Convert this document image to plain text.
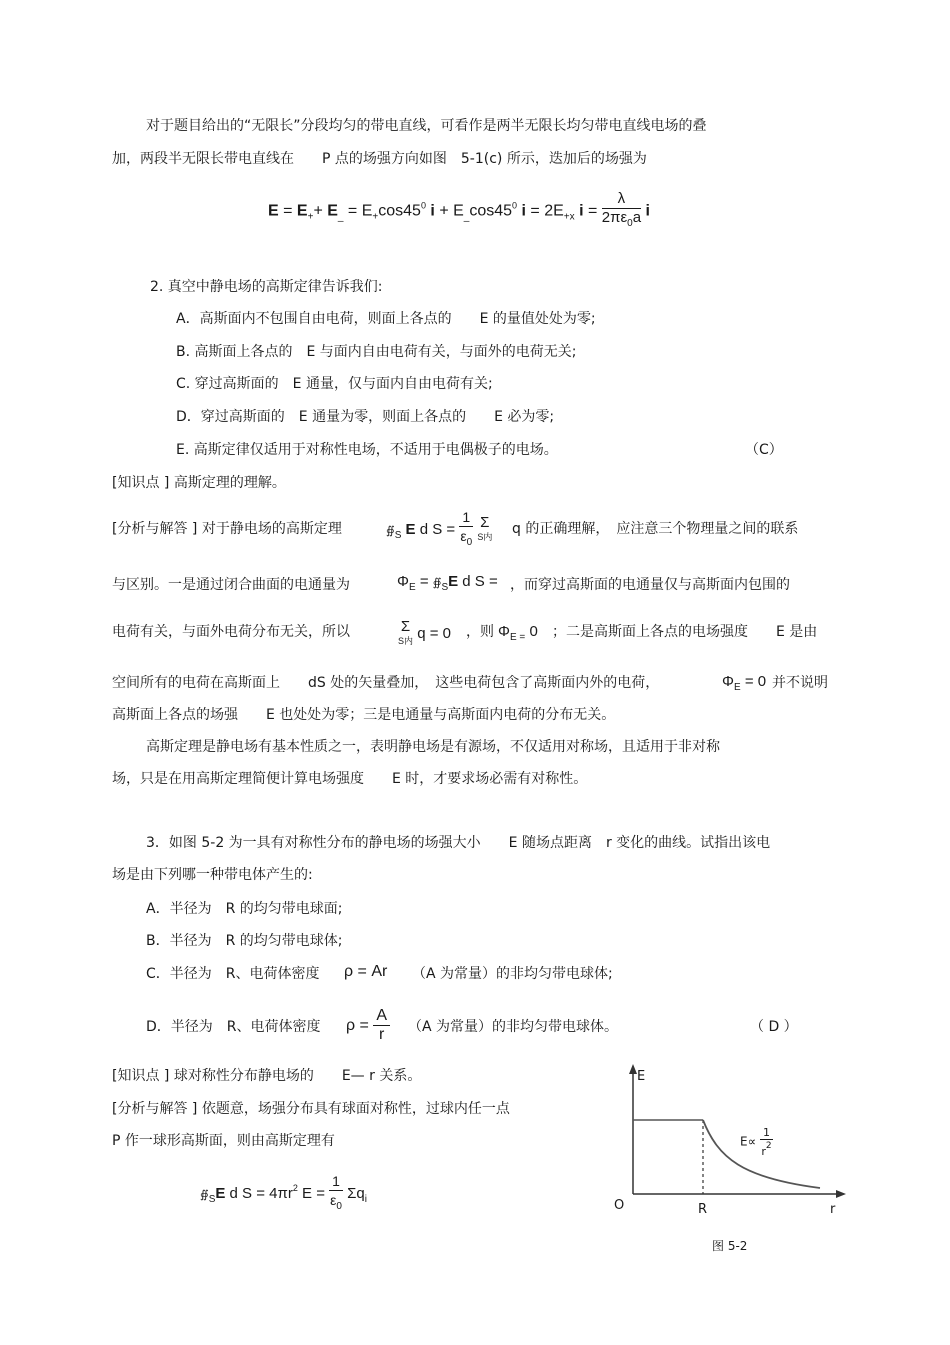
对于题目给出的“无限长”分段均匀的带电直线，可看作是两半无限长均匀带电直线电场的叠
加，两段半无限长带电直线在　　P 点的场强方向如图　5-1(c) 所示，迭加后的场强为
$E = E_++ E_{\_} = E_+\cos 45^0$ $i + E_{\_}\cos 45^0$ $i = 2E_{+x}$ $i = \frac{\lambda}{2\pi\varepsilon_0a}$ i
2. 真空中静电场的高斯定律告诉我们:
A．高斯面内不包围自由电荷，则面上各点的　　E 的量值处处为零;
B. 高斯面上各点的　E 与面内自由电荷有关，与面外的电荷无关;
C. 穿过高斯面的　E 通量，仅与面内自由电荷有关;
D．穿过高斯面的　E 通量为零，则面上各点的　　E 必为零;
E. 高斯定律仅适用于对称性电场，不适用于电偶极子的电场。	（C）
[知识点 ] 高斯定理的理解。
[分析与解答 ] 对于静电场的高斯定理	$∯_S$ E d $S = \frac{1}{\varepsilon_0}$
Σ
S内 q 的正确理解，　应注意三个物理量之间的联系
与区别。一是通过闭合曲面的电通量为	$\Phi_E$ = $∯_SE$ d S = ，而穿过高斯面的电通量仅与高斯面内包围的
电荷有关，与面外电荷分布无关，所以	Σ
S内 q = 0 ，则 $\Phi_{E =}$ 0 ；二是高斯面上各点的电场强度　　E 是由
空间所有的电荷在高斯面上　　dS 处的矢量叠加，　这些电荷包含了高斯面内外的电荷，	$\Phi_E = 0$ 并不说明
高斯面上各点的场强　　E 也处处为零；三是电通量与高斯面内电荷的分布无关。
高斯定理是静电场有基本性质之一，表明静电场是有源场，不仅适用对称场，且适用于非对称
场，只是在用高斯定理简便计算电场强度　　E 时，才要求场必需有对称性。
3．如图 5-2 为一具有对称性分布的静电场的场强大小　　E 随场点距离　r 变化的曲线。试指出该电
场是由下列哪一种带电体产生的:
A．半径为　R 的均匀带电球面;
B．半径为　R 的均匀带电球体;
C．半径为　R、电荷体密度 ρ = Ar （A 为常量）的非均匀带电球体;
D．半径为　R、电荷体密度 $\rho = \frac{A}{r} (A$ 为常量）的非均匀带电球体。	（ D ）
[知识点 ] 球对称性分布静电场的　　E— r 关系。
[分析与解答 ] 依题意，场强分布具有球面对称性，过球内任一点
P 作一球形高斯面，则由高斯定理有
$∯_SE$ d $S = 4\pi r^2$ $E = \frac{1}{\varepsilon_0} \Sigma q_i$
E
O	R	r
$E\propto \frac{1}{r^2}$
图 5-2
